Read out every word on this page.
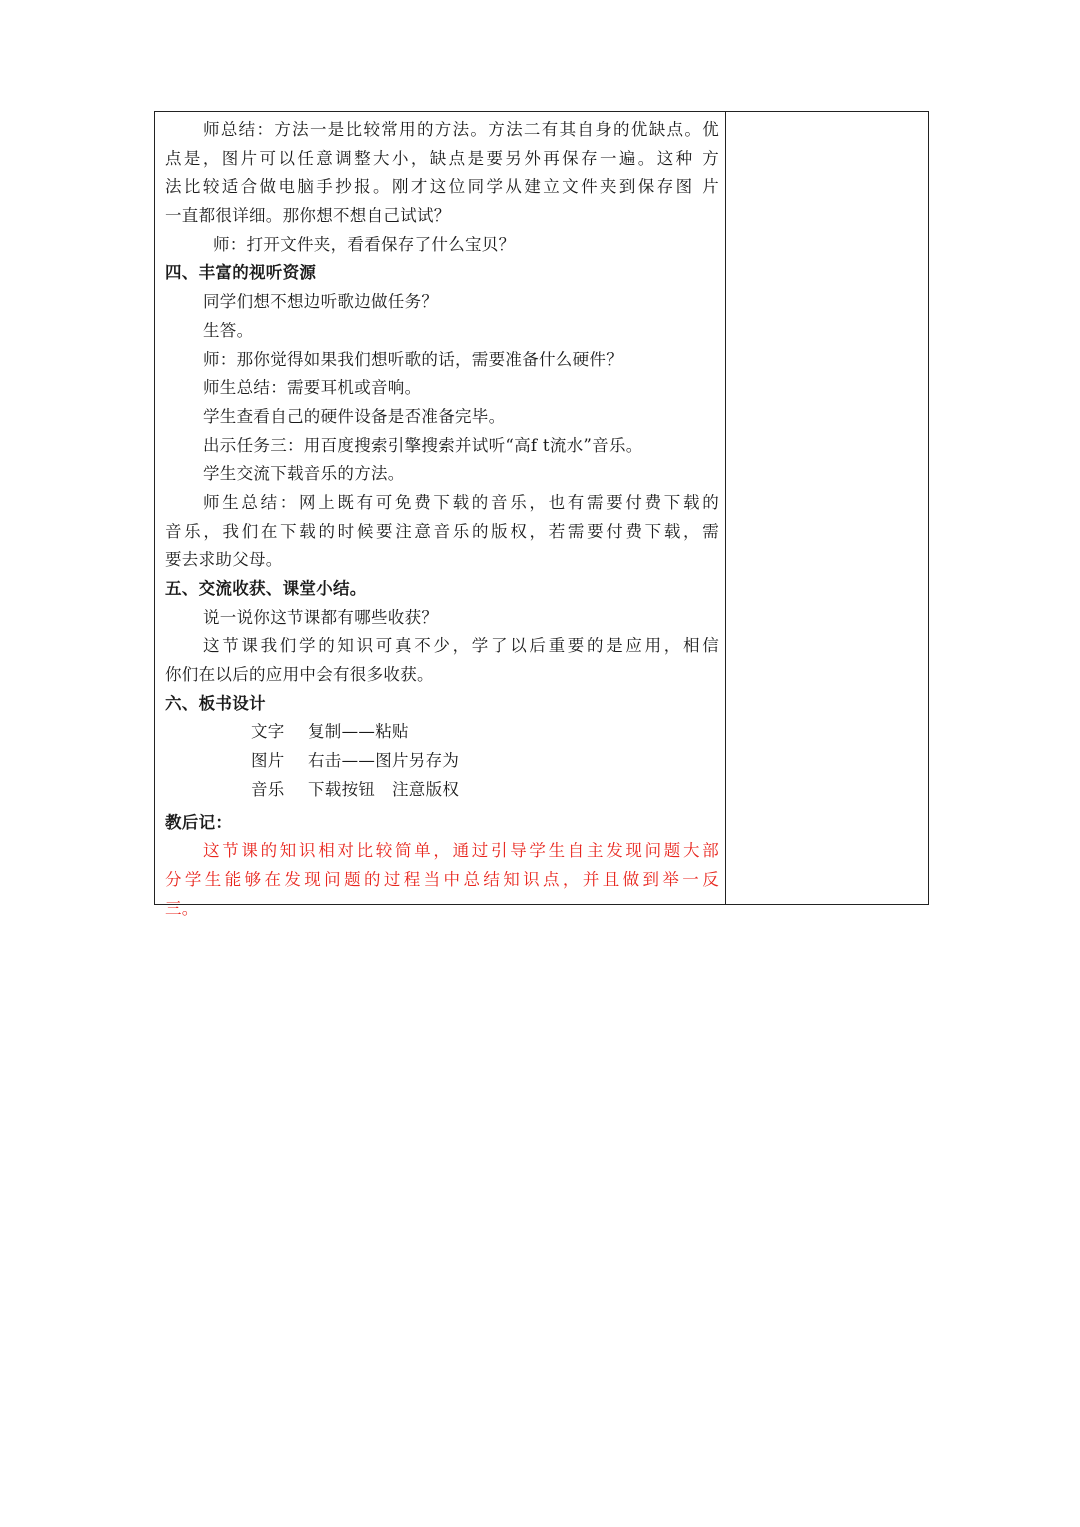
师总结：方法一是比较常用的方法。方法二有其自身的优缺点。优
点是，图片可以任意调整大小，缺点是要另外再保存一遍。这种 方
法比较适合做电脑手抄报。刚才这位同学从建立文件夹到保存图 片
一直都很详细。那你想不想自己试试？
师：打开文件夹，看看保存了什么宝贝？
四、丰富的视听资源
同学们想不想边听歌边做任务？
生答。
师：那你觉得如果我们想听歌的话，需要准备什么硬件？
师生总结：需要耳机或音响。
学生查看自己的硬件设备是否准备完毕。
出示任务三：用百度搜索引擎搜索并试听“高f t流水”音乐。
学生交流下载音乐的方法。
师生总结：网上既有可免费下载的音乐，也有需要付费下载的
音乐，我们在下载的时候要注意音乐的版权，若需要付费下载，需
要去求助父母。
五、交流收获、课堂小结。
说一说你这节课都有哪些收获？
这节课我们学的知识可真不少，学了以后重要的是应用，相信
你们在以后的应用中会有很多收获。
六、板书设计
文字 复制——粘贴
图片 右击——图片另存为
音乐 下载按钮　注意版权
教后记：
这节课的知识相对比较简单，通过引导学生自主发现问题大部
分学生能够在发现问题的过程当中总结知识点，并且做到举一反
三。
